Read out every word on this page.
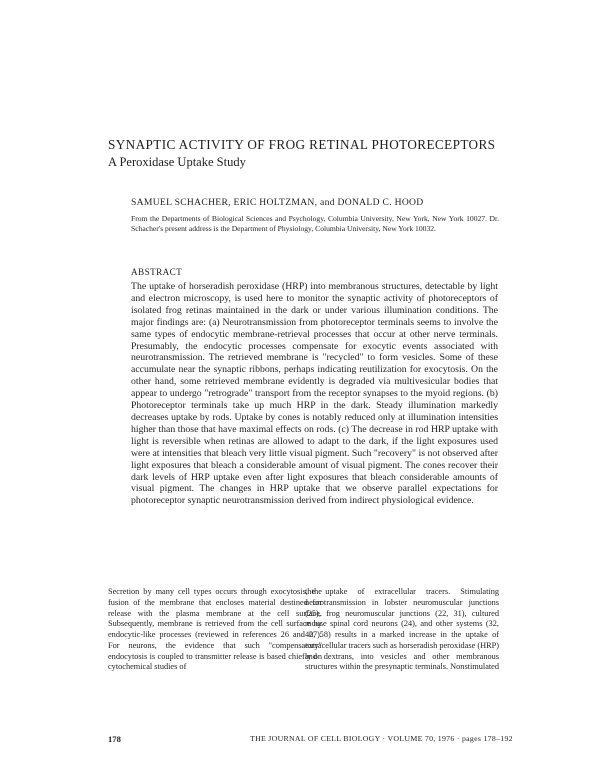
SYNAPTIC ACTIVITY OF FROG RETINAL PHOTORECEPTORS
A Peroxidase Uptake Study
SAMUEL SCHACHER, ERIC HOLTZMAN, and DONALD C. HOOD
From the Departments of Biological Sciences and Psychology, Columbia University, New York, New York 10027. Dr. Schacher's present address is the Department of Physiology, Columbia University, New York 10032.
ABSTRACT

The uptake of horseradish peroxidase (HRP) into membranous structures, detectable by light and electron microscopy, is used here to monitor the synaptic activity of photoreceptors of isolated frog retinas maintained in the dark or under various illumination conditions. The major findings are: (a) Neurotransmission from photoreceptor terminals seems to involve the same types of endocytic membrane-retrieval processes that occur at other nerve terminals. Presumably, the endocytic processes compensate for exocytic events associated with neurotransmission. The retrieved membrane is "recycled" to form vesicles. Some of these accumulate near the synaptic ribbons, perhaps indicating reutilization for exocytosis. On the other hand, some retrieved membrane evidently is degraded via multivesicular bodies that appear to undergo "retrograde" transport from the receptor synapses to the myoid regions. (b) Photoreceptor terminals take up much HRP in the dark. Steady illumination markedly decreases uptake by rods. Uptake by cones is notably reduced only at illumination intensities higher than those that have maximal effects on rods. (c) The decrease in rod HRP uptake with light is reversible when retinas are allowed to adapt to the dark, if the light exposures used were at intensities that bleach very little visual pigment. Such "recovery" is not observed after light exposures that bleach a considerable amount of visual pigment. The cones recover their dark levels of HRP uptake even after light exposures that bleach considerable amounts of visual pigment. The changes in HRP uptake that we observe parallel expectations for photoreceptor synaptic neurotransmission derived from indirect physiological evidence.

Secretion by many cell types occurs through exocytosis, the fusion of the membrane that encloses material destined for release with the plasma membrane at the cell surface. Subsequently, membrane is retrieved from the cell surface by endocytic-like processes (reviewed in references 26 and 27). For neurons, the evidence that such "compensatory" endocytosis is coupled to transmitter release is based chiefly on cytochemical studies of

the uptake of extracellular tracers. Stimulating neurotransmission in lobster neuromuscular junctions (25), frog neuromuscular junctions (22, 31), cultured mouse spinal cord neurons (24), and other systems (32, 40, 58) results in a marked increase in the uptake of extracellular tracers such as horseradish peroxidase (HRP) and dextrans, into vesicles and other membranous structures within the presynaptic terminals. Nonstimulated

178	THE JOURNAL OF CELL BIOLOGY · VOLUME 70, 1976 · pages 178–192
